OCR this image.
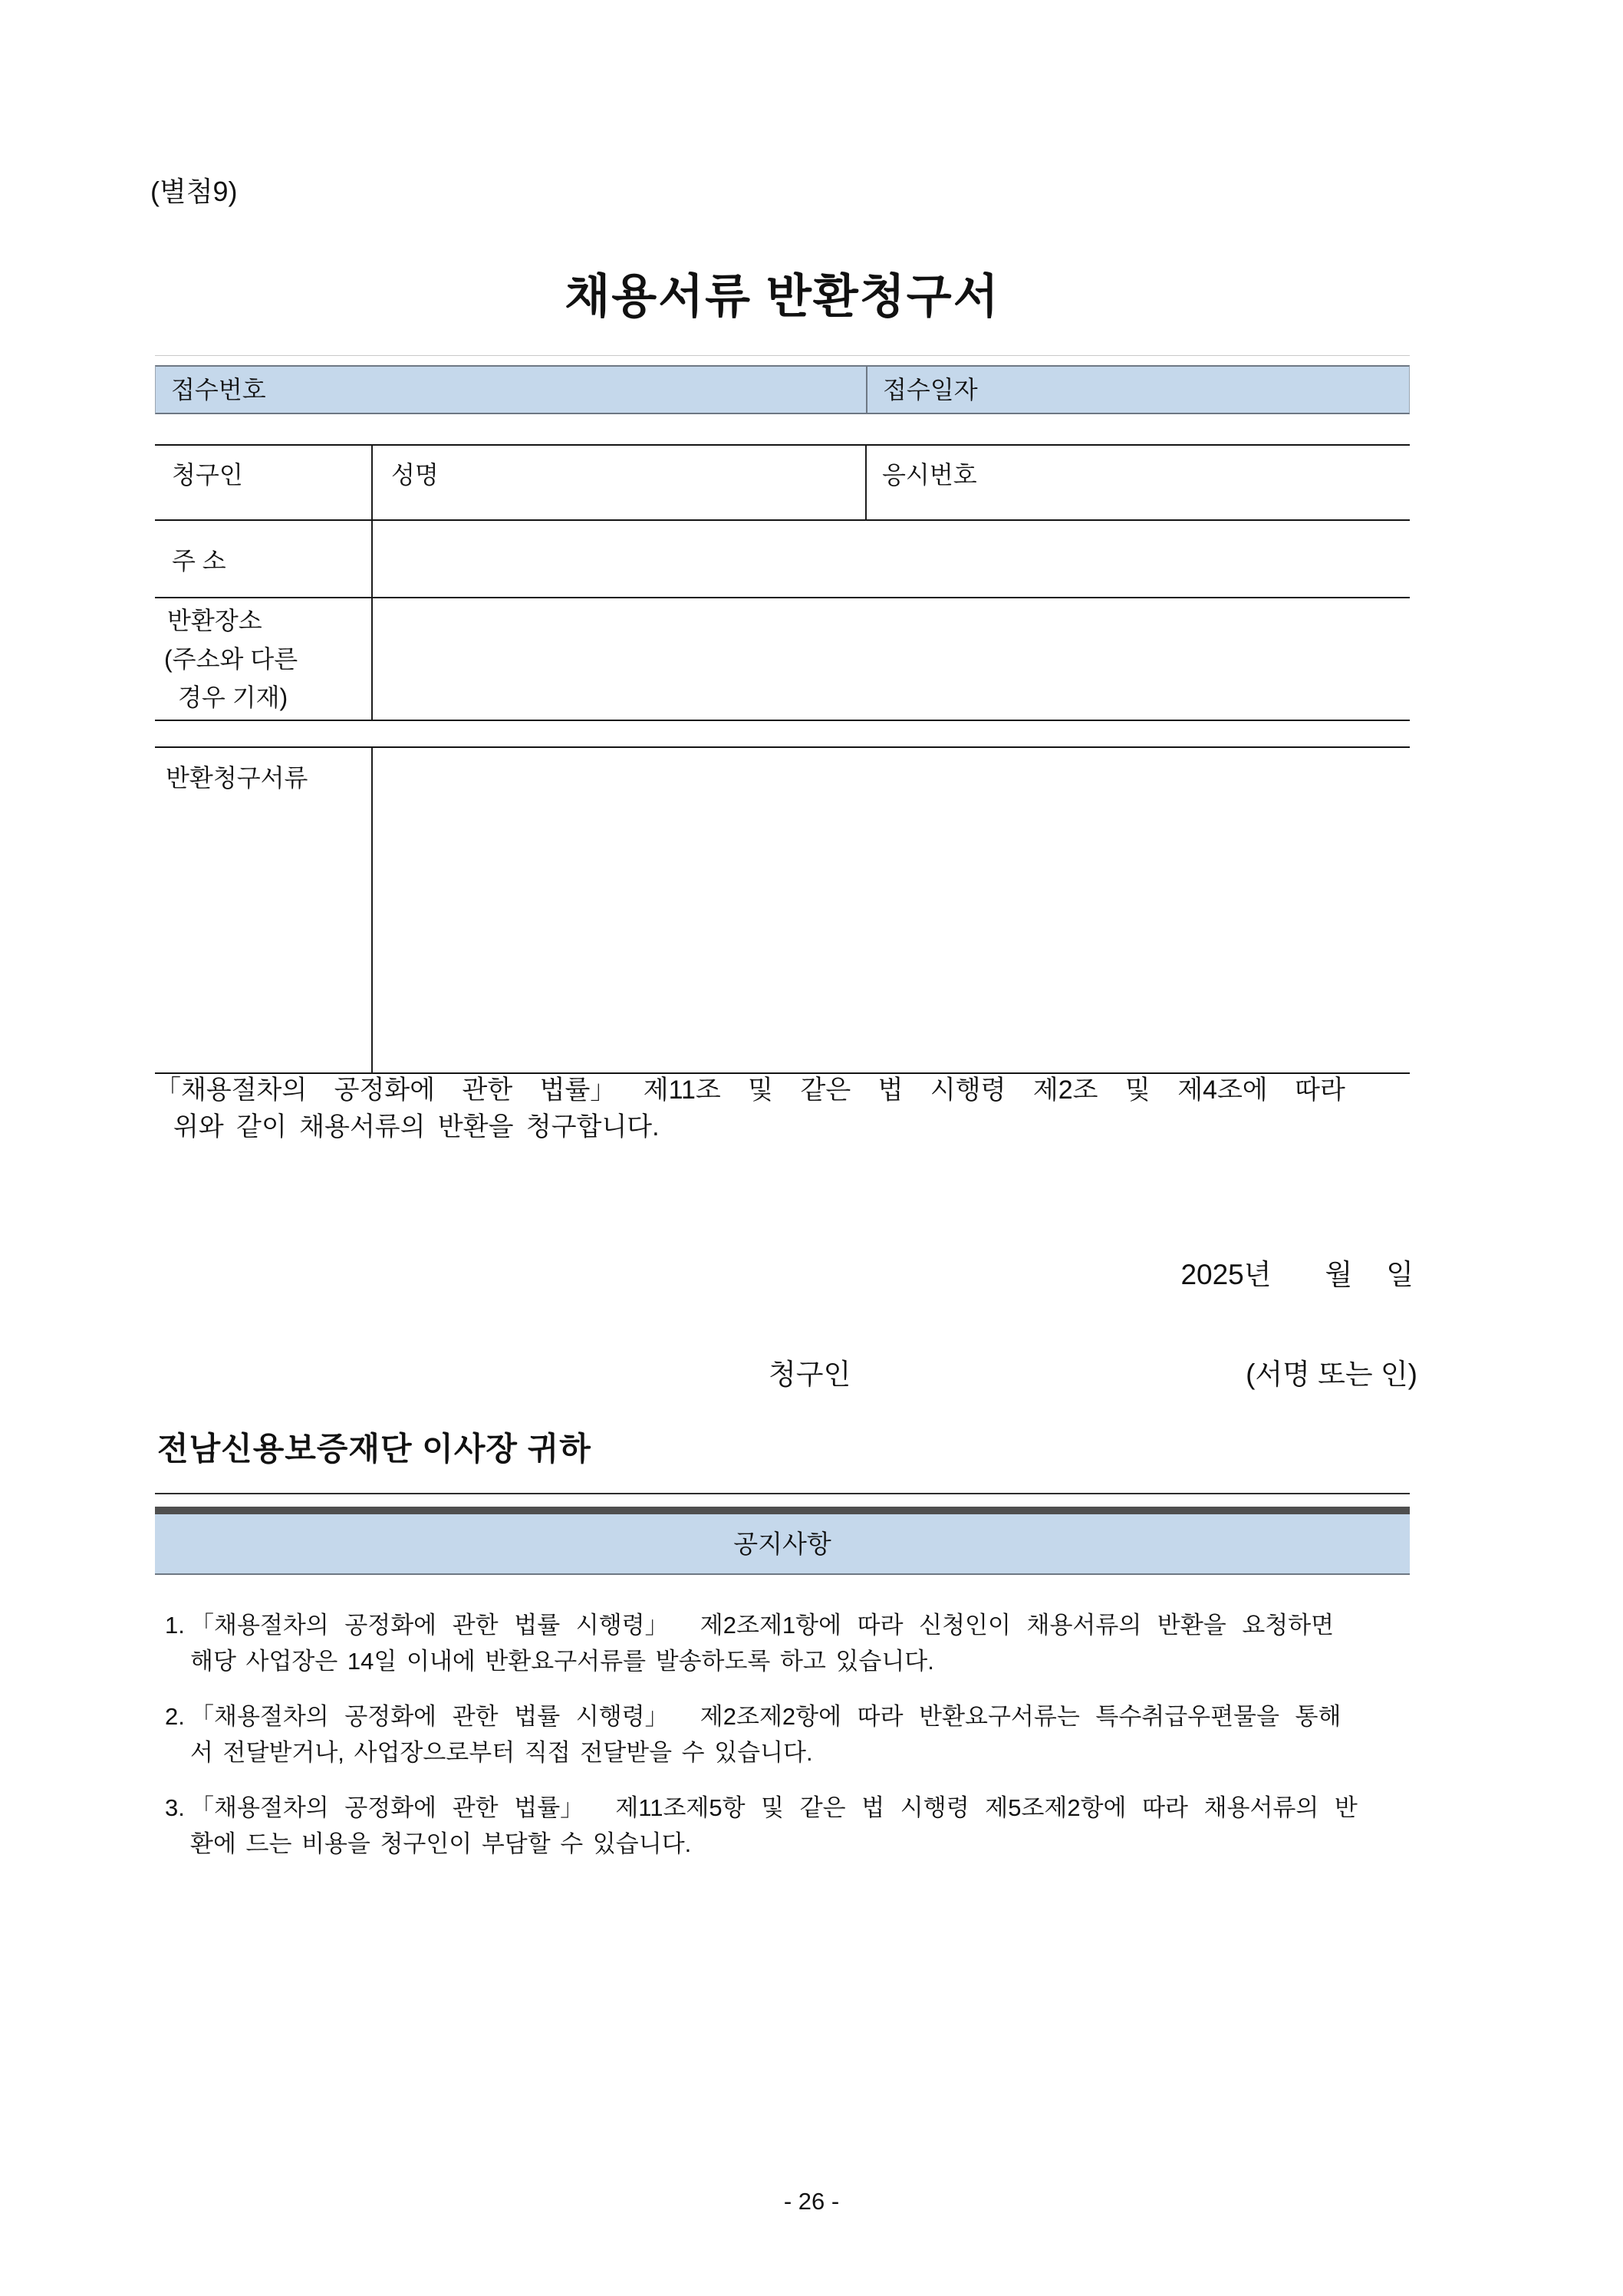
(별첨9)
채용서류 반환청구서
접수번호	접수일자
청구인	성명	응시번호
주 소
반환장소
(주소와 다른
경우 기재)
반환청구서류
「채용절차의 공정화에 관한 법률」 제11조 및 같은 법 시행령 제2조 및 제4조에 따라
위와 같이 채용서류의 반환을 청구합니다.
2025년 월 일
청구인	(서명 또는 인)
전남신용보증재단 이사장 귀하
공지사항
1. 「채용절차의 공정화에 관한 법률 시행령」  제2조제1항에 따라 신청인이 채용서류의 반환을 요청하면
해당 사업장은 14일 이내에 반환요구서류를 발송하도록 하고 있습니다.
2. 「채용절차의 공정화에 관한 법률 시행령」  제2조제2항에 따라 반환요구서류는 특수취급우편물을 통해
서 전달받거나, 사업장으로부터 직접 전달받을 수 있습니다.
3. 「채용절차의 공정화에 관한 법률」  제11조제5항 및 같은 법 시행령 제5조제2항에 따라 채용서류의 반
환에 드는 비용을 청구인이 부담할 수 있습니다.
- 26 -
